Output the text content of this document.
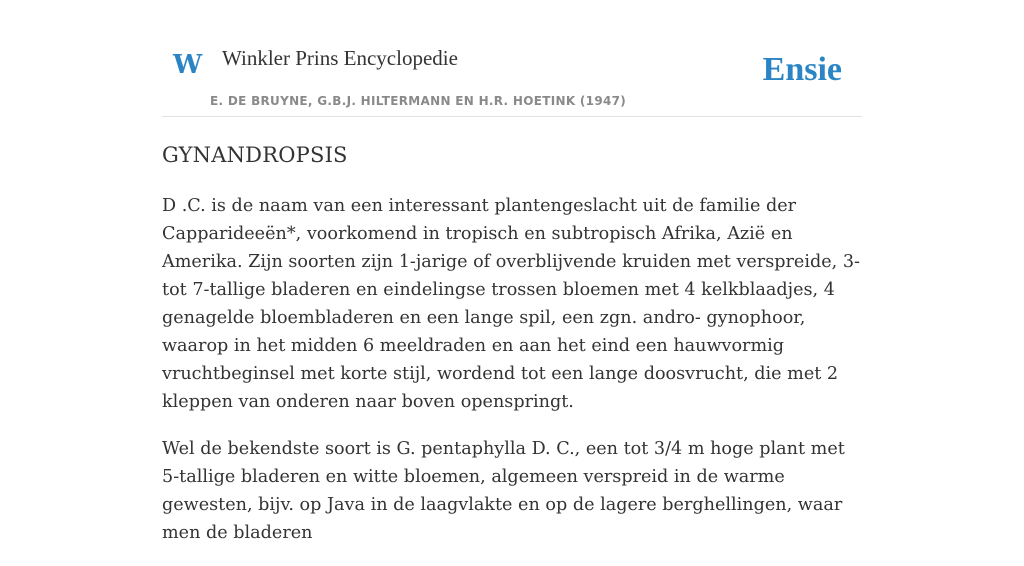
W Winkler Prins Encyclopedie
E. DE BRUYNE, G.B.J. HILTERMANN EN H.R. HOETINK (1947)
Ensie
GYNANDROPSIS

D .C. is de naam van een interessant plantengeslacht uit de familie der Capparideeën*, voorkomend in tropisch en subtropisch Afrika, Azië en Amerika. Zijn soorten zijn 1-jarige of overblijvende kruiden met verspreide, 3- tot 7-tallige bladeren en eindelingse trossen bloemen met 4 kelkblaadjes, 4 genagelde bloembladeren en een lange spil, een zgn. andro- gynophoor, waarop in het midden 6 meeldraden en aan het eind een hauwvormig vruchtbeginsel met korte stijl, wordend tot een lange doosvrucht, die met 2 kleppen van onderen naar boven openspringt.

Wel de bekendste soort is G. pentaphylla D. C., een tot 3/4 m hoge plant met 5-tallige bladeren en witte bloemen, algemeen verspreid in de warme gewesten, bijv. op Java in de laagvlakte en op de lagere berghellingen, waar men de bladeren
